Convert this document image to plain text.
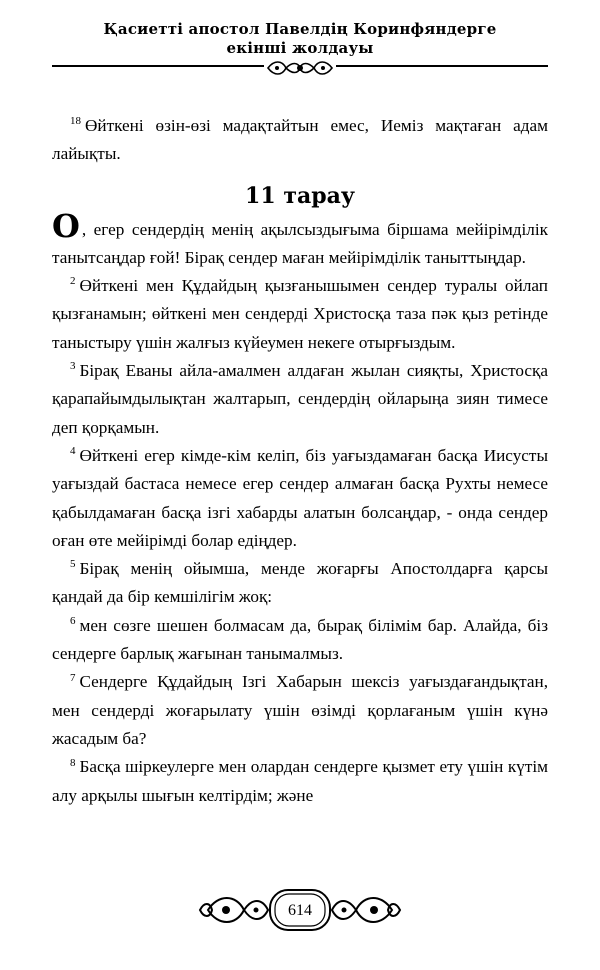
Қасиетті апостол Павелдің Коринфяндерге
екінші жолдауы

$^{18}$ Өйткені өзін-өзі мадақтайтын емес, Иеміз мақтаған адам лайықты.

11 тарау

О , егер сендердің менің ақылсыздығыма біршама мейірімділік танытсаңдар ғой! Бірақ сендер маған мейірімділік таныттыңдар.

$^2$ Өйткені мен Құдайдың қызғанышымен сендер туралы ойлап қызғанамын; өйткені мен сендерді Христосқа таза пәк қыз ретінде таныстыру үшін жалғыз күйеумен некеге отырғыздым.

$^3$ Бірақ Еваны айла-амалмен алдаған жылан сияқты, Христосқа қарапайымдылықтан жалтарып, сендердің ойларыңа зиян тимесе деп қорқамын.

$^4$ Өйткені егер кімде-кім келіп, біз уағыздамаған басқа Иисусты уағыздай бастаса немесе егер сендер алмаған басқа Рухты немесе қабылдамаған басқа ізгі хабарды алатын болсаңдар, - онда сендер оған өте мейірімді болар едіңдер.

$^5$ Бірақ менің ойымша, менде жоғарғы Апостолдарға қарсы қандай да бір кемшілігім жоқ:

$^6$ мен сөзге шешен болмасам да, бырақ білімім бар. Алайда, біз сендерге барлық жағынан танымалмыз.

$^7$ Сендерге Құдайдың Ізгі Хабарын шексіз уағыздағандықтан, мен сендерді жоғарылату үшін өзімді қорлағаным үшін күнә жасадым ба?

$^8$ Басқа шіркеулерге мен олардан сендерге қызмет ету үшін күтім алу арқылы шығын келтірдім; және

614
